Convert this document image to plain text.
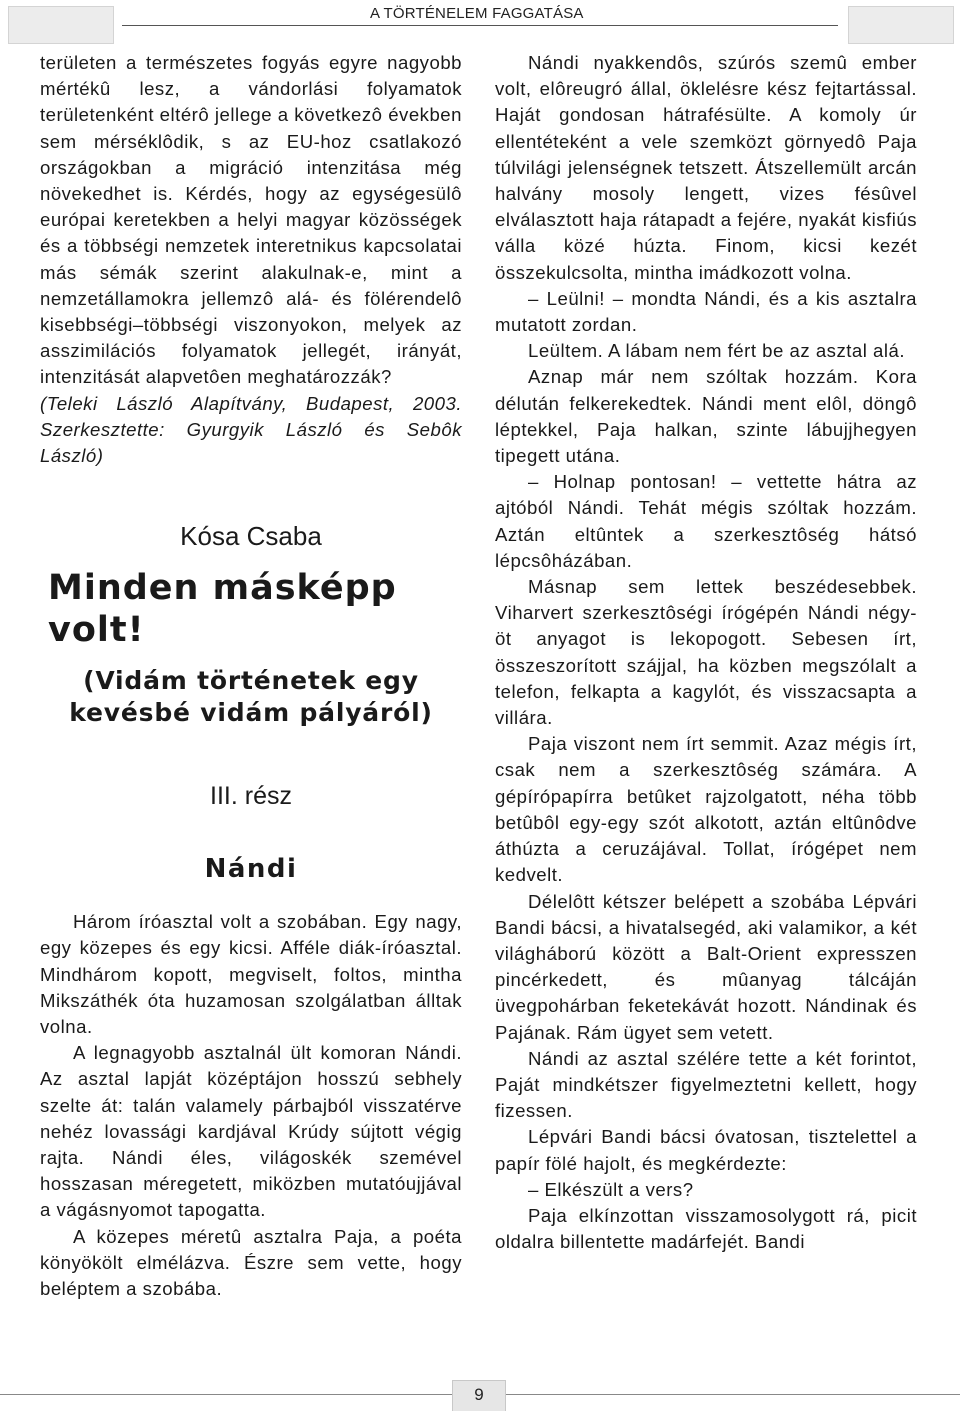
A TÖRTÉNELEM FAGGATÁSA

területen a természetes fogyás egyre nagyobb mértékû lesz, a vándorlási folyamatok területenként eltérô jellege a következô években sem mérséklôdik, s az EU-hoz csatlakozó országokban a migráció intenzitása még növekedhet is. Kérdés, hogy az egységesülô európai keretekben a helyi magyar közösségek és a többségi nemzetek interetnikus kapcsolatai más sémák szerint alakulnak-e, mint a nemzetállamokra jellemzô alá- és fölérendelô kisebbségi–többségi viszonyokon, melyek az asszimilációs folyamatok jellegét, irányát, intenzitását alapvetôen meghatározzák?

(Teleki László Alapítvány, Budapest, 2003. Szerkesztette: Gyurgyik László és Sebôk László)

Kósa Csaba
Minden másképp volt!
(Vidám történetek egy kevésbé vidám pályáról)
III. rész
Nándi

Három íróasztal volt a szobában. Egy nagy, egy közepes és egy kicsi. Afféle diák-íróasztal. Mindhárom kopott, megviselt, foltos, mintha Mikszáthék óta huzamosan szolgálatban álltak volna.

A legnagyobb asztalnál ült komoran Nándi. Az asztal lapját középtájon hosszú sebhely szelte át: talán valamely párbajból visszatérve nehéz lovassági kardjával Krúdy sújtott végig rajta. Nándi éles, világoskék szemével hosszasan méregetett, miközben mutatóujjával a vágásnyomot tapogatta.

A közepes méretû asztalra Paja, a poéta könyökölt elmélázva. Észre sem vette, hogy beléptem a szobába.

Nándi nyakkendôs, szúrós szemû ember volt, elôreugró állal, öklelésre kész fejtartással. Haját gondosan hátrafésülte. A komoly úr ellentéteként a vele szemközt görnyedô Paja túlvilági jelenségnek tetszett. Átszellemült arcán halvány mosoly lengett, vizes fésûvel elválasztott haja rátapadt a fejére, nyakát kisfiús válla közé húzta. Finom, kicsi kezét összekulcsolta, mintha imádkozott volna.

– Leülni! – mondta Nándi, és a kis asztalra mutatott zordan.

Leültem. A lábam nem fért be az asztal alá.

Aznap már nem szóltak hozzám. Kora délután felkerekedtek. Nándi ment elôl, döngô léptekkel, Paja halkan, szinte lábujjhegyen tipegett utána.

– Holnap pontosan! – vettette hátra az ajtóból Nándi. Tehát mégis szóltak hozzám. Aztán eltûntek a szerkesztôség hátsó lépcsôházában.

Másnap sem lettek beszédesebbek. Viharvert szerkesztôségi írógépén Nándi négy-öt anyagot is lekopogott. Sebesen írt, összeszorított szájjal, ha közben megszólalt a telefon, felkapta a kagylót, és visszacsapta a villára.

Paja viszont nem írt semmit. Azaz mégis írt, csak nem a szerkesztôség számára. A gépírópapírra betûket rajzolgatott, néha több betûbôl egy-egy szót alkotott, aztán eltûnôdve áthúzta a ceruzájával. Tollat, írógépet nem kedvelt.

Délelôtt kétszer belépett a szobába Lépvári Bandi bácsi, a hivatalsegéd, aki valamikor, a két világháború között a Balt-Orient expresszen pincérkedett, és mûanyag tálcáján üvegpohárban feketekávát hozott. Nándinak és Pajának. Rám ügyet sem vetett.

Nándi az asztal szélére tette a két forintot, Paját mindkétszer figyelmeztetni kellett, hogy fizessen.

Lépvári Bandi bácsi óvatosan, tisztelettel a papír fölé hajolt, és megkérdezte:

– Elkészült a vers?

Paja elkínzottan visszamosolygott rá, picit oldalra billentette madárfejét. Bandi

9
